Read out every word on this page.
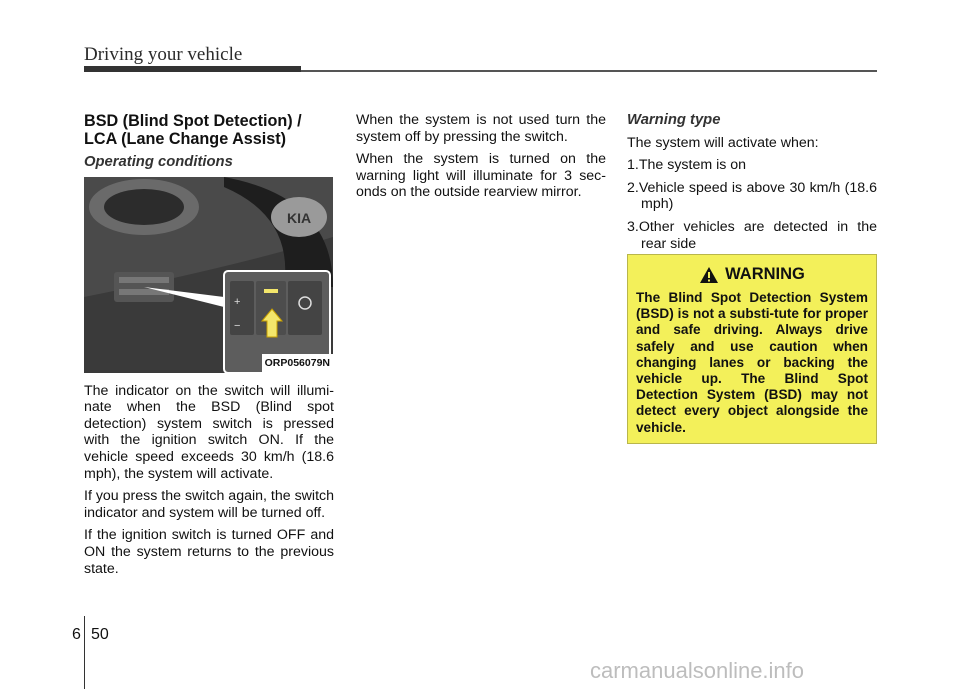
Driving your vehicle
BSD (Blind Spot Detection) / LCA (Lane Change Assist)
Operating conditions
KIA
+
−
ORP056079N

The indicator on the switch will illumi-nate when the BSD (Blind spot detection) system switch is pressed with the ignition switch ON. If the vehicle speed exceeds 30 km/h (18.6 mph), the system will activate.

If you press the switch again, the switch indicator and system will be turned off.

If the ignition switch is turned OFF and ON the system returns to the previous state.

When the system is not used turn the system off by pressing the switch.

When the system is turned on the warning light will illuminate for 3 sec-onds on the outside rearview mirror.

Warning type

The system will activate when:

1.The system is on
2.Vehicle speed is above 30 km/h (18.6 mph)
3.Other vehicles are detected in the rear side
WARNING
The Blind Spot Detection System (BSD) is not a substi-tute for proper and safe driving. Always drive safely and use caution when changing lanes or backing the vehicle up. The Blind Spot Detection System (BSD) may not detect every object alongside the vehicle.
6 50
carmanualsonline.info
